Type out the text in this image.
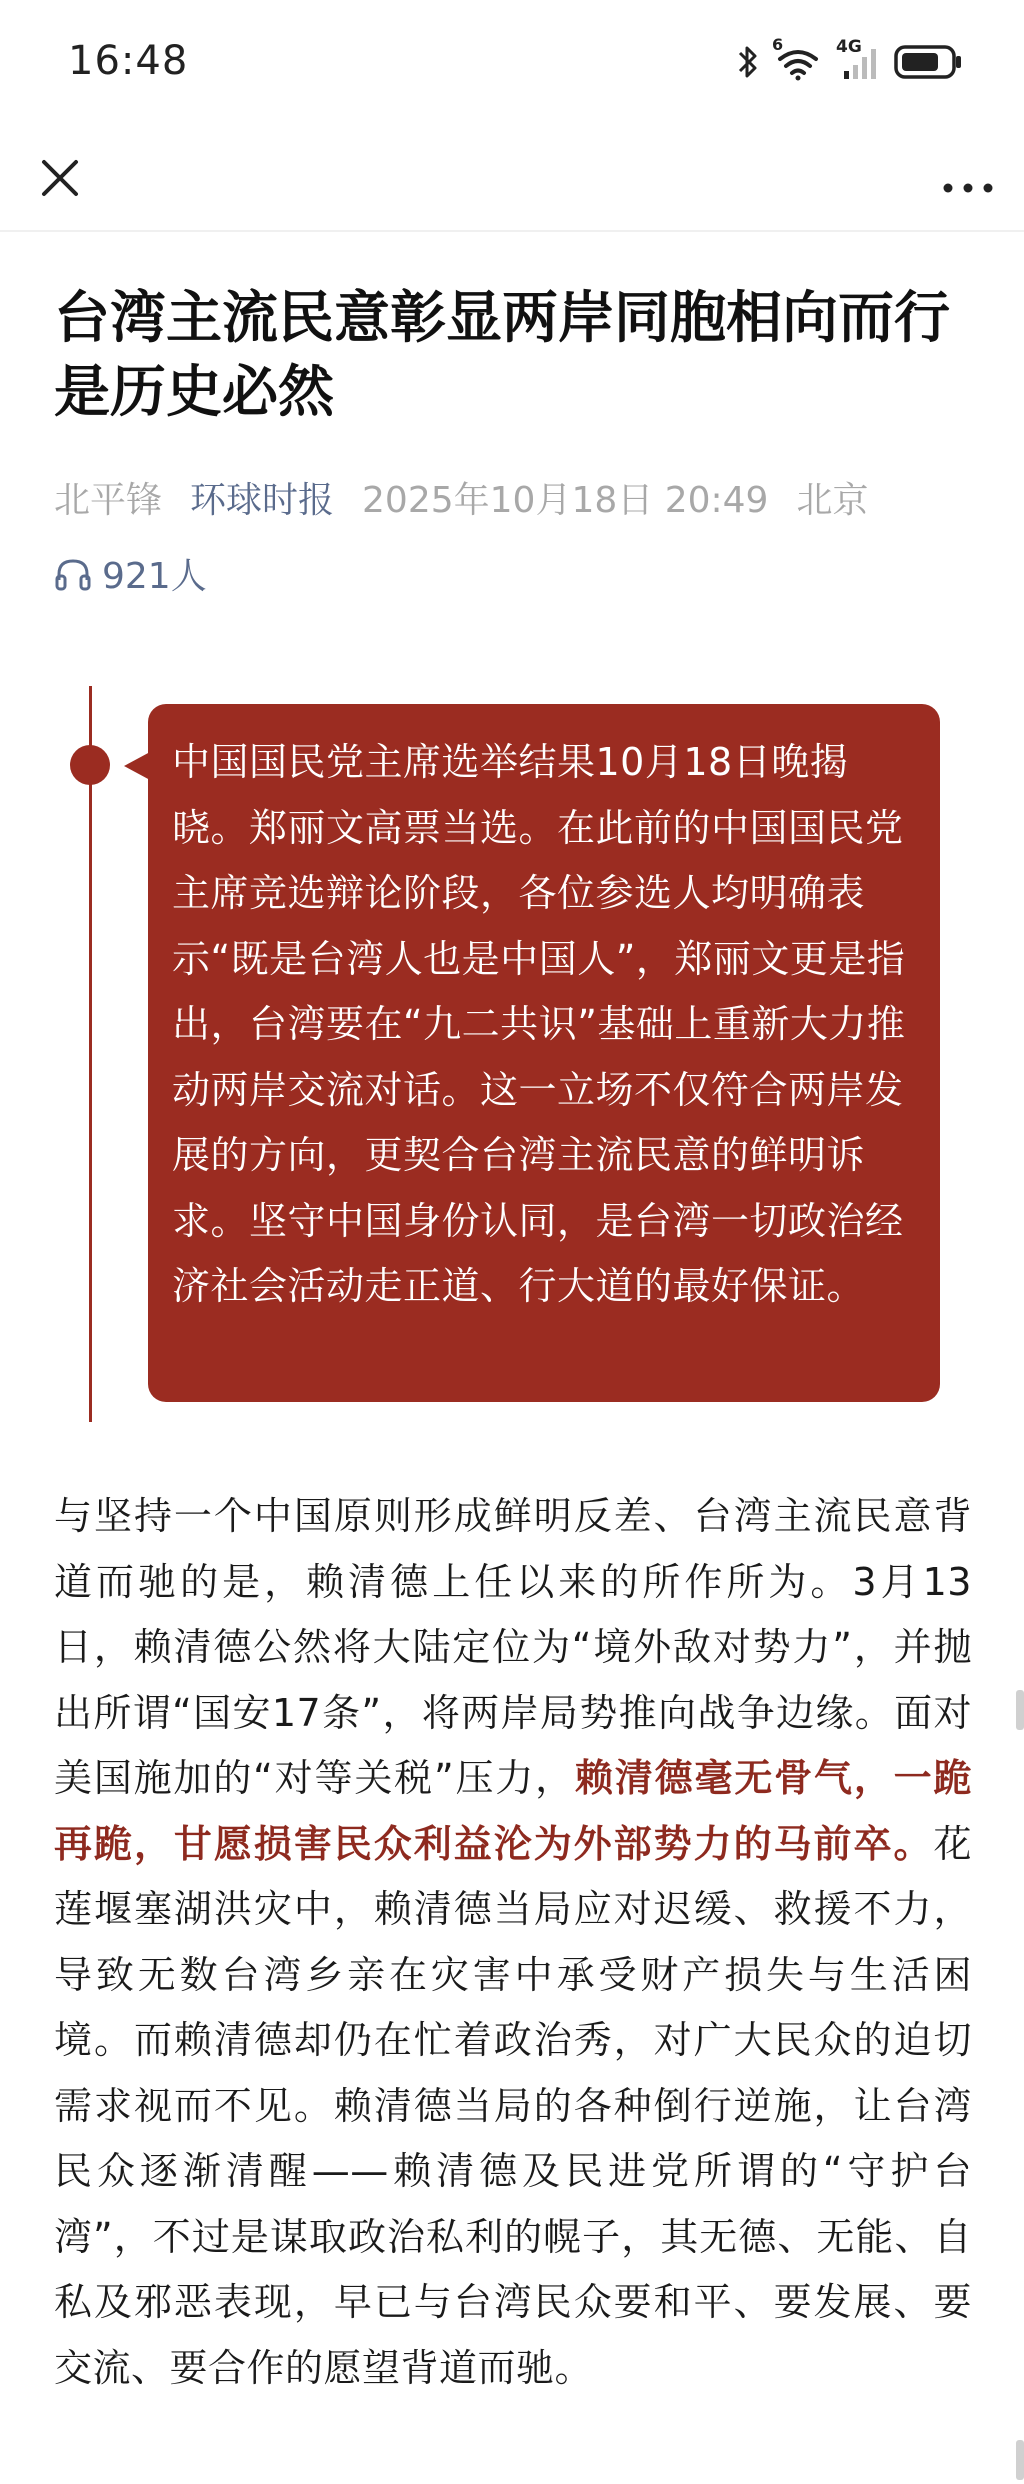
16:48	6	4G
台湾主流民意彰显两岸同胞相向而行是历史必然
北平锋 环球时报 2025年10月18日 20:49 北京
921人
中国国民党主席选举结果10月18日晚揭晓。郑丽文高票当选。在此前的中国国民党主席竞选辩论阶段，各位参选人均明确表示“既是台湾人也是中国人”，郑丽文更是指出，台湾要在“九二共识”基础上重新大力推动两岸交流对话。这一立场不仅符合两岸发展的方向，更契合台湾主流民意的鲜明诉求。坚守中国身份认同，是台湾一切政治经济社会活动走正道、行大道的最好保证。
与坚持一个中国原则形成鲜明反差、台湾主流民意背道而驰的是，赖清德上任以来的所作所为。3月13日，赖清德公然将大陆定位为“境外敌对势力”，并抛出所谓“国安17条”，将两岸局势推向战争边缘。面对美国施加的“对等关税”压力，赖清德毫无骨气，一跪再跪，甘愿损害民众利益沦为外部势力的马前卒。花莲堰塞湖洪灾中，赖清德当局应对迟缓、救援不力，导致无数台湾乡亲在灾害中承受财产损失与生活困境。而赖清德却仍在忙着政治秀，对广大民众的迫切需求视而不见。赖清德当局的各种倒行逆施，让台湾民众逐渐清醒——赖清德及民进党所谓的“守护台湾”，不过是谋取政治私利的幌子，其无德、无能、自私及邪恶表现，早已与台湾民众要和平、要发展、要交流、要合作的愿望背道而驰。
